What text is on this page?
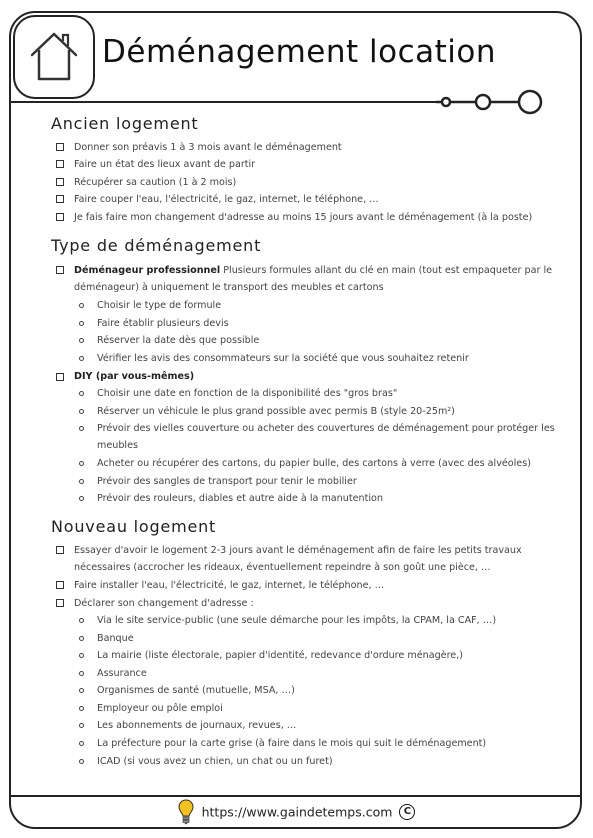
Déménagement location
Ancien logement
Donner son préavis 1 à 3 mois avant le déménagement
Faire un état des lieux avant de partir
Récupérer sa caution (1 à 2 mois)
Faire couper l'eau, l'électricité, le gaz, internet, le téléphone, …
Je fais faire mon changement d'adresse au moins 15 jours avant le déménagement (à la poste)
Type de déménagement
Déménageur professionnel Plusieurs formules allant du clé en main (tout est empaqueter par le
déménageur) à uniquement le transport des meubles et cartons
Choisir le type de formule
Faire établir plusieurs devis
Réserver la date dès que possible
Vérifier les avis des consommateurs sur la société que vous souhaitez retenir
DIY (par vous-mêmes)
Choisir une date en fonction de la disponibilité des "gros bras"
Réserver un véhicule le plus grand possible avec permis B (style 20-25m²)
Prévoir des vielles couverture ou acheter des couvertures de déménagement pour protéger les
meubles
Acheter ou récupérer des cartons, du papier bulle, des cartons à verre (avec des alvéoles)
Prévoir des sangles de transport pour tenir le mobilier
Prévoir des rouleurs, diables et autre aide à la manutention
Nouveau logement
Essayer d'avoir le logement 2-3 jours avant le déménagement afin de faire les petits travaux
nécessaires (accrocher les rideaux, éventuellement repeindre à son goût une pièce, …
Faire installer l'eau, l'électricité, le gaz, internet, le téléphone, …
Déclarer son changement d'adresse :
Via le site service-public (une seule démarche pour les impôts, la CPAM, la CAF, …)
Banque
La mairie (liste électorale, papier d'identité, redevance d'ordure ménagère,)
Assurance
Organismes de santé (mutuelle, MSA, …)
Employeur ou pôle emploi
Les abonnements de journaux, revues, …
La préfecture pour la carte grise (à faire dans le mois qui suit le déménagement)
ICAD (si vous avez un chien, un chat ou un furet)
https://www.gaindetemps.com C
